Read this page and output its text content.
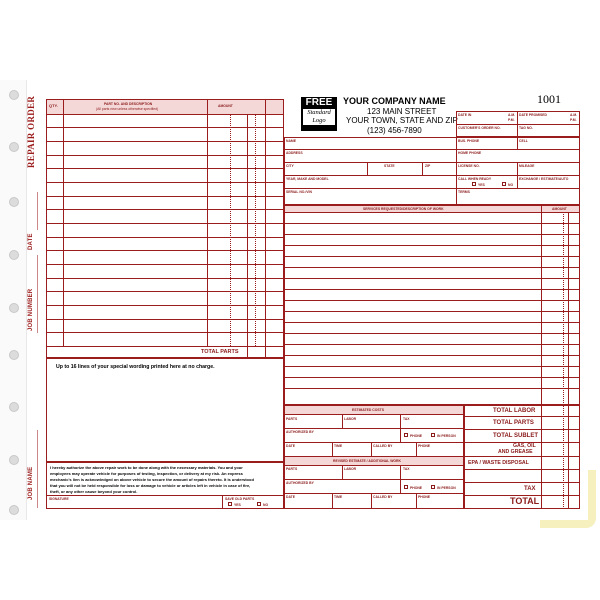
REPAIR ORDER
DATE
JOB NUMBER
JOB NAME
QTY.	PART NO. AND DESCRIPTION
(All parts new unless otherwise specified)
AMOUNT
TOTAL PARTS
Up to 16 lines of your special wording printed here at no charge.
I hereby authorize the above repair work to be done along with the necessary materials. You and your
employees may operate vehicle for purposes of testing, inspection, or delivery at my risk. An express
mechanic's lien is acknowledged on above vehicle to secure the amount of repairs thereto. It is understood
that you will not be held responsible for loss or damage to vehicle or articles left in vehicle in case of fire,
theft, or any other cause beyond your control.
SIGNATURE	SAVE OLD PARTS
YES	NO
FREE
Standard
Logo
YOUR COMPANY NAME
123 MAIN STREET
YOUR TOWN, STATE AND ZIP
(123) 456-7890
1001
DATE IN	A.M.
P.M.
DATE PROMISED	A.M.
P.M.
CUSTOMER'S ORDER NO.	TAG NO.
NAME	BUS. PHONE	CELL
ADDRESS	HOME PHONE
CITY	STATE	ZIP	LICENSE NO.	MILEAGE
YEAR, MAKE AND MODEL	CALL WHEN READY
YES	NO
EXCHANGE / ESTIMATE/AUTO
SERIAL NO./VIN	TERMS
SERVICES REQUESTED/DESCRIPTION OF WORK	AMOUNT
ESTIMATED COSTS
PARTS	LABOR	TAX
AUTHORIZED BY
PHONE	IN PERSON
DATE	TIME	CALLED BY	PHONE
REVISED ESTIMATE / ADDITIONAL WORK
PARTS	LABOR	TAX
AUTHORIZED BY
PHONE	IN PERSON
DATE	TIME	CALLED BY	PHONE
TOTAL LABOR
TOTAL PARTS
TOTAL SUBLET
GAS, OIL
AND GREASE
EPA / WASTE DISPOSAL
TAX
TOTAL
